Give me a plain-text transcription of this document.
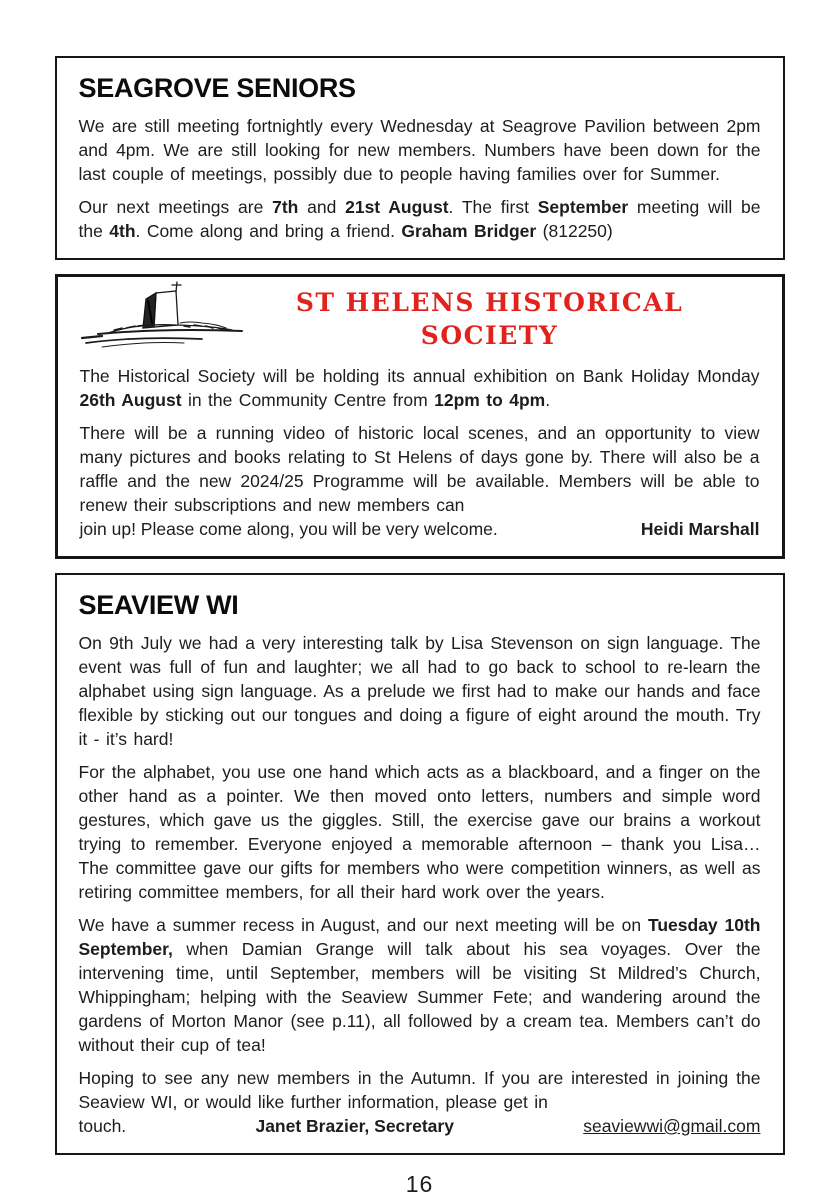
SEAGROVE SENIORS

We are still meeting fortnightly every Wednesday at Seagrove Pavilion between 2pm and 4pm. We are still looking for new members. Numbers have been down for the last couple of meetings, possibly due to people having families over for Summer.

Our next meetings are 7th and 21st August. The first September meeting will be the 4th. Come along and bring a friend. Graham Bridger (812250)

ST HELENS HISTORICAL
SOCIETY

The Historical Society will be holding its annual exhibition on Bank Holiday Monday 26th August in the Community Centre from 12pm to 4pm.

There will be a running video of historic local scenes, and an opportunity to view many pictures and books relating to St Helens of days gone by. There will also be a raffle and the new 2024/25 Programme will be available. Members will be able to renew their subscriptions and new members can

join up! Please come along, you will be very welcome.	Heidi Marshall
SEAVIEW WI

On 9th July we had a very interesting talk by Lisa Stevenson on sign language. The event was full of fun and laughter; we all had to go back to school to re-learn the alphabet using sign language. As a prelude we first had to make our hands and face flexible by sticking out our tongues and doing a figure of eight around the mouth. Try it - it’s hard!

For the alphabet, you use one hand which acts as a blackboard, and a finger on the other hand as a pointer. We then moved onto letters, numbers and simple word gestures, which gave us the giggles. Still, the exercise gave our brains a workout trying to remember. Everyone enjoyed a memorable afternoon – thank you Lisa… The committee gave our gifts for members who were competition winners, as well as retiring committee members, for all their hard work over the years.

We have a summer recess in August, and our next meeting will be on Tuesday 10th September, when Damian Grange will talk about his sea voyages. Over the intervening time, until September, members will be visiting St Mildred’s Church, Whippingham; helping with the Seaview Summer Fete; and wandering around the gardens of Morton Manor (see p.11), all followed by a cream tea. Members can’t do without their cup of tea!

Hoping to see any new members in the Autumn. If you are interested in joining the Seaview WI, or would like further information, please get in

touch.	Janet Brazier, Secretary	seaviewwi@gmail.com
16
